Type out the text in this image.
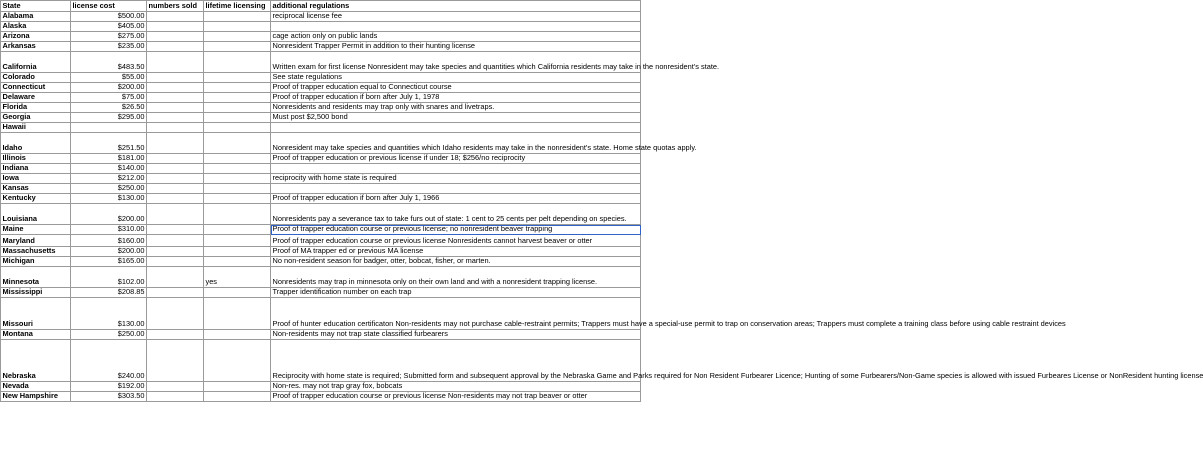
State	license cost	numbers sold	lifetime licensing	additional regulations
Alabama	$500.00			reciprocal license fee
Alaska	$405.00			
Arizona	$275.00			cage action only on public lands
Arkansas	$235.00			Nonresident Trapper Permit in addition to their hunting license
California	$483.50			Written exam for first license Nonresident may take species and quantities which California residents may take in the nonresident's state.
Colorado	$55.00			See state regulations
Connecticut	$200.00			Proof of trapper education equal to Connecticut course
Delaware	$75.00			Proof of trapper education if born after July 1, 1978
Florida	$26.50			Nonresidents and residents may trap only with snares and livetraps.
Georgia	$295.00			Must post $2,500 bond
Hawaii				
Idaho	$251.50			Nonresident may take species and quantities which Idaho residents may take in the nonresident's state. Home state quotas apply.
Illinois	$181.00			Proof of trapper education or previous license if under 18; $256/no reciprocity
Indiana	$140.00			
Iowa	$212.00			reciprocity with home state is required
Kansas	$250.00			
Kentucky	$130.00			Proof of trapper education if born after July 1, 1966
Louisiana	$200.00			Nonresidents pay a severance tax to take furs out of state: 1 cent to 25 cents per pelt depending on species.
Maine	$310.00			Proof of trapper education course or previous license; no nonresident beaver trapping
Maryland	$160.00			Proof of trapper education course or previous license Nonresidents cannot harvest beaver or otter
Massachusetts	$200.00			Proof of MA trapper ed or previous MA license
Michigan	$165.00			No non-resident season for badger, otter, bobcat, fisher, or marten.
Minnesota	$102.00		yes	Nonresidents may trap in minnesota only on their own land and with a nonresident trapping license.
Mississippi	$208.85			Trapper identification number on each trap
Missouri	$130.00			Proof of hunter education certificaton Non-residents may not purchase cable-restraint permits; Trappers must have a special-use permit to trap on conservation areas; Trappers must complete a training class before using cable restraint devices
Montana	$250.00			Non-residents may not trap state classified furbearers
Nebraska	$240.00			Reciprocity with home state is required; Submitted form and subsequent approval by the Nebraska Game and Parks required for Non Resident Furbearer Licence; Hunting of some Furbearers/Non-Game species is allowed with issued Furbeares License or NonResident hunting license
Nevada	$192.00			Non-res. may not trap gray fox, bobcats
New Hampshire	$303.50			Proof of trapper education course or previous license Non-residents may not trap beaver or otter
